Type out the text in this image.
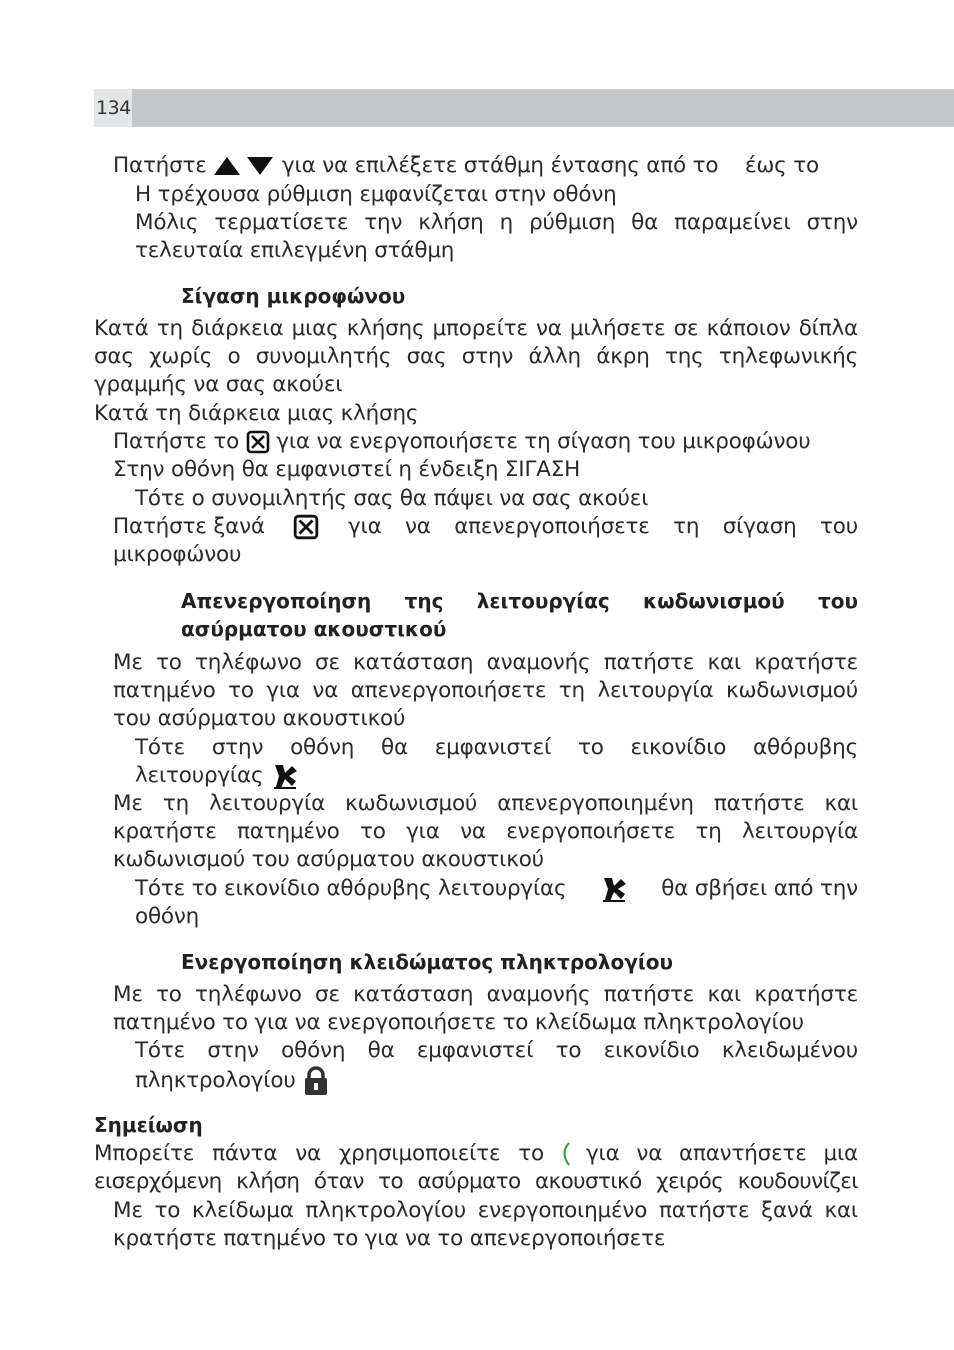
134
Πατήστε	για να επιλέξετε στάθμη έντασης από το έως το
Η τρέχουσα ρύθμιση εμφανίζεται στην οθόνη
Μόλις τερματίσετε την κλήση η ρύθμιση θα παραμείνει στην
τελευταία επιλεγμένη στάθμη
Σίγαση μικροφώνου
Κατά τη διάρκεια μιας κλήσης μπορείτε να μιλήσετε σε κάποιον δίπλα
σας χωρίς ο συνομιλητής σας στην άλλη άκρη της τηλεφωνικής
γραμμής να σας ακούει
Κατά τη διάρκεια μιας κλήσης
Πατήστε το για να ενεργοποιήσετε τη σίγαση του μικροφώνου
Στην οθόνη θα εμφανιστεί η ένδειξη ΣΙΓΑΣΗ
Τότε ο συνομιλητής σας θα πάψει να σας ακούει
Πατήστε ξανά	για να απενεργοποιήσετε τη σίγαση του
μικροφώνου
Απενεργοποίηση της λειτουργίας κωδωνισμού του
ασύρματου ακουστικού
Με το τηλέφωνο σε κατάσταση αναμονής πατήστε και κρατήστε
πατημένο το για να απενεργοποιήσετε τη λειτουργία κωδωνισμού
του ασύρματου ακουστικού
Τότε στην οθόνη θα εμφανιστεί το εικονίδιο αθόρυβης
λειτουργίας
Με τη λειτουργία κωδωνισμού απενεργοποιημένη πατήστε και
κρατήστε πατημένο το για να ενεργοποιήσετε τη λειτουργία
κωδωνισμού του ασύρματου ακουστικού
Τότε το εικονίδιο αθόρυβης λειτουργίας	θα σβήσει από την
οθόνη
Ενεργοποίηση κλειδώματος πληκτρολογίου
Με το τηλέφωνο σε κατάσταση αναμονής πατήστε και κρατήστε
πατημένο το για να ενεργοποιήσετε το κλείδωμα πληκτρολογίου
Τότε στην οθόνη θα εμφανιστεί το εικονίδιο κλειδωμένου
πληκτρολογίου
Σημείωση
Μπορείτε πάντα να χρησιμοποιείτε το για να απαντήσετε μια
εισερχόμενη κλήση όταν το ασύρματο ακουστικό χειρός κουδουνίζει
Με το κλείδωμα πληκτρολογίου ενεργοποιημένο πατήστε ξανά και
κρατήστε πατημένο το για να το απενεργοποιήσετε
